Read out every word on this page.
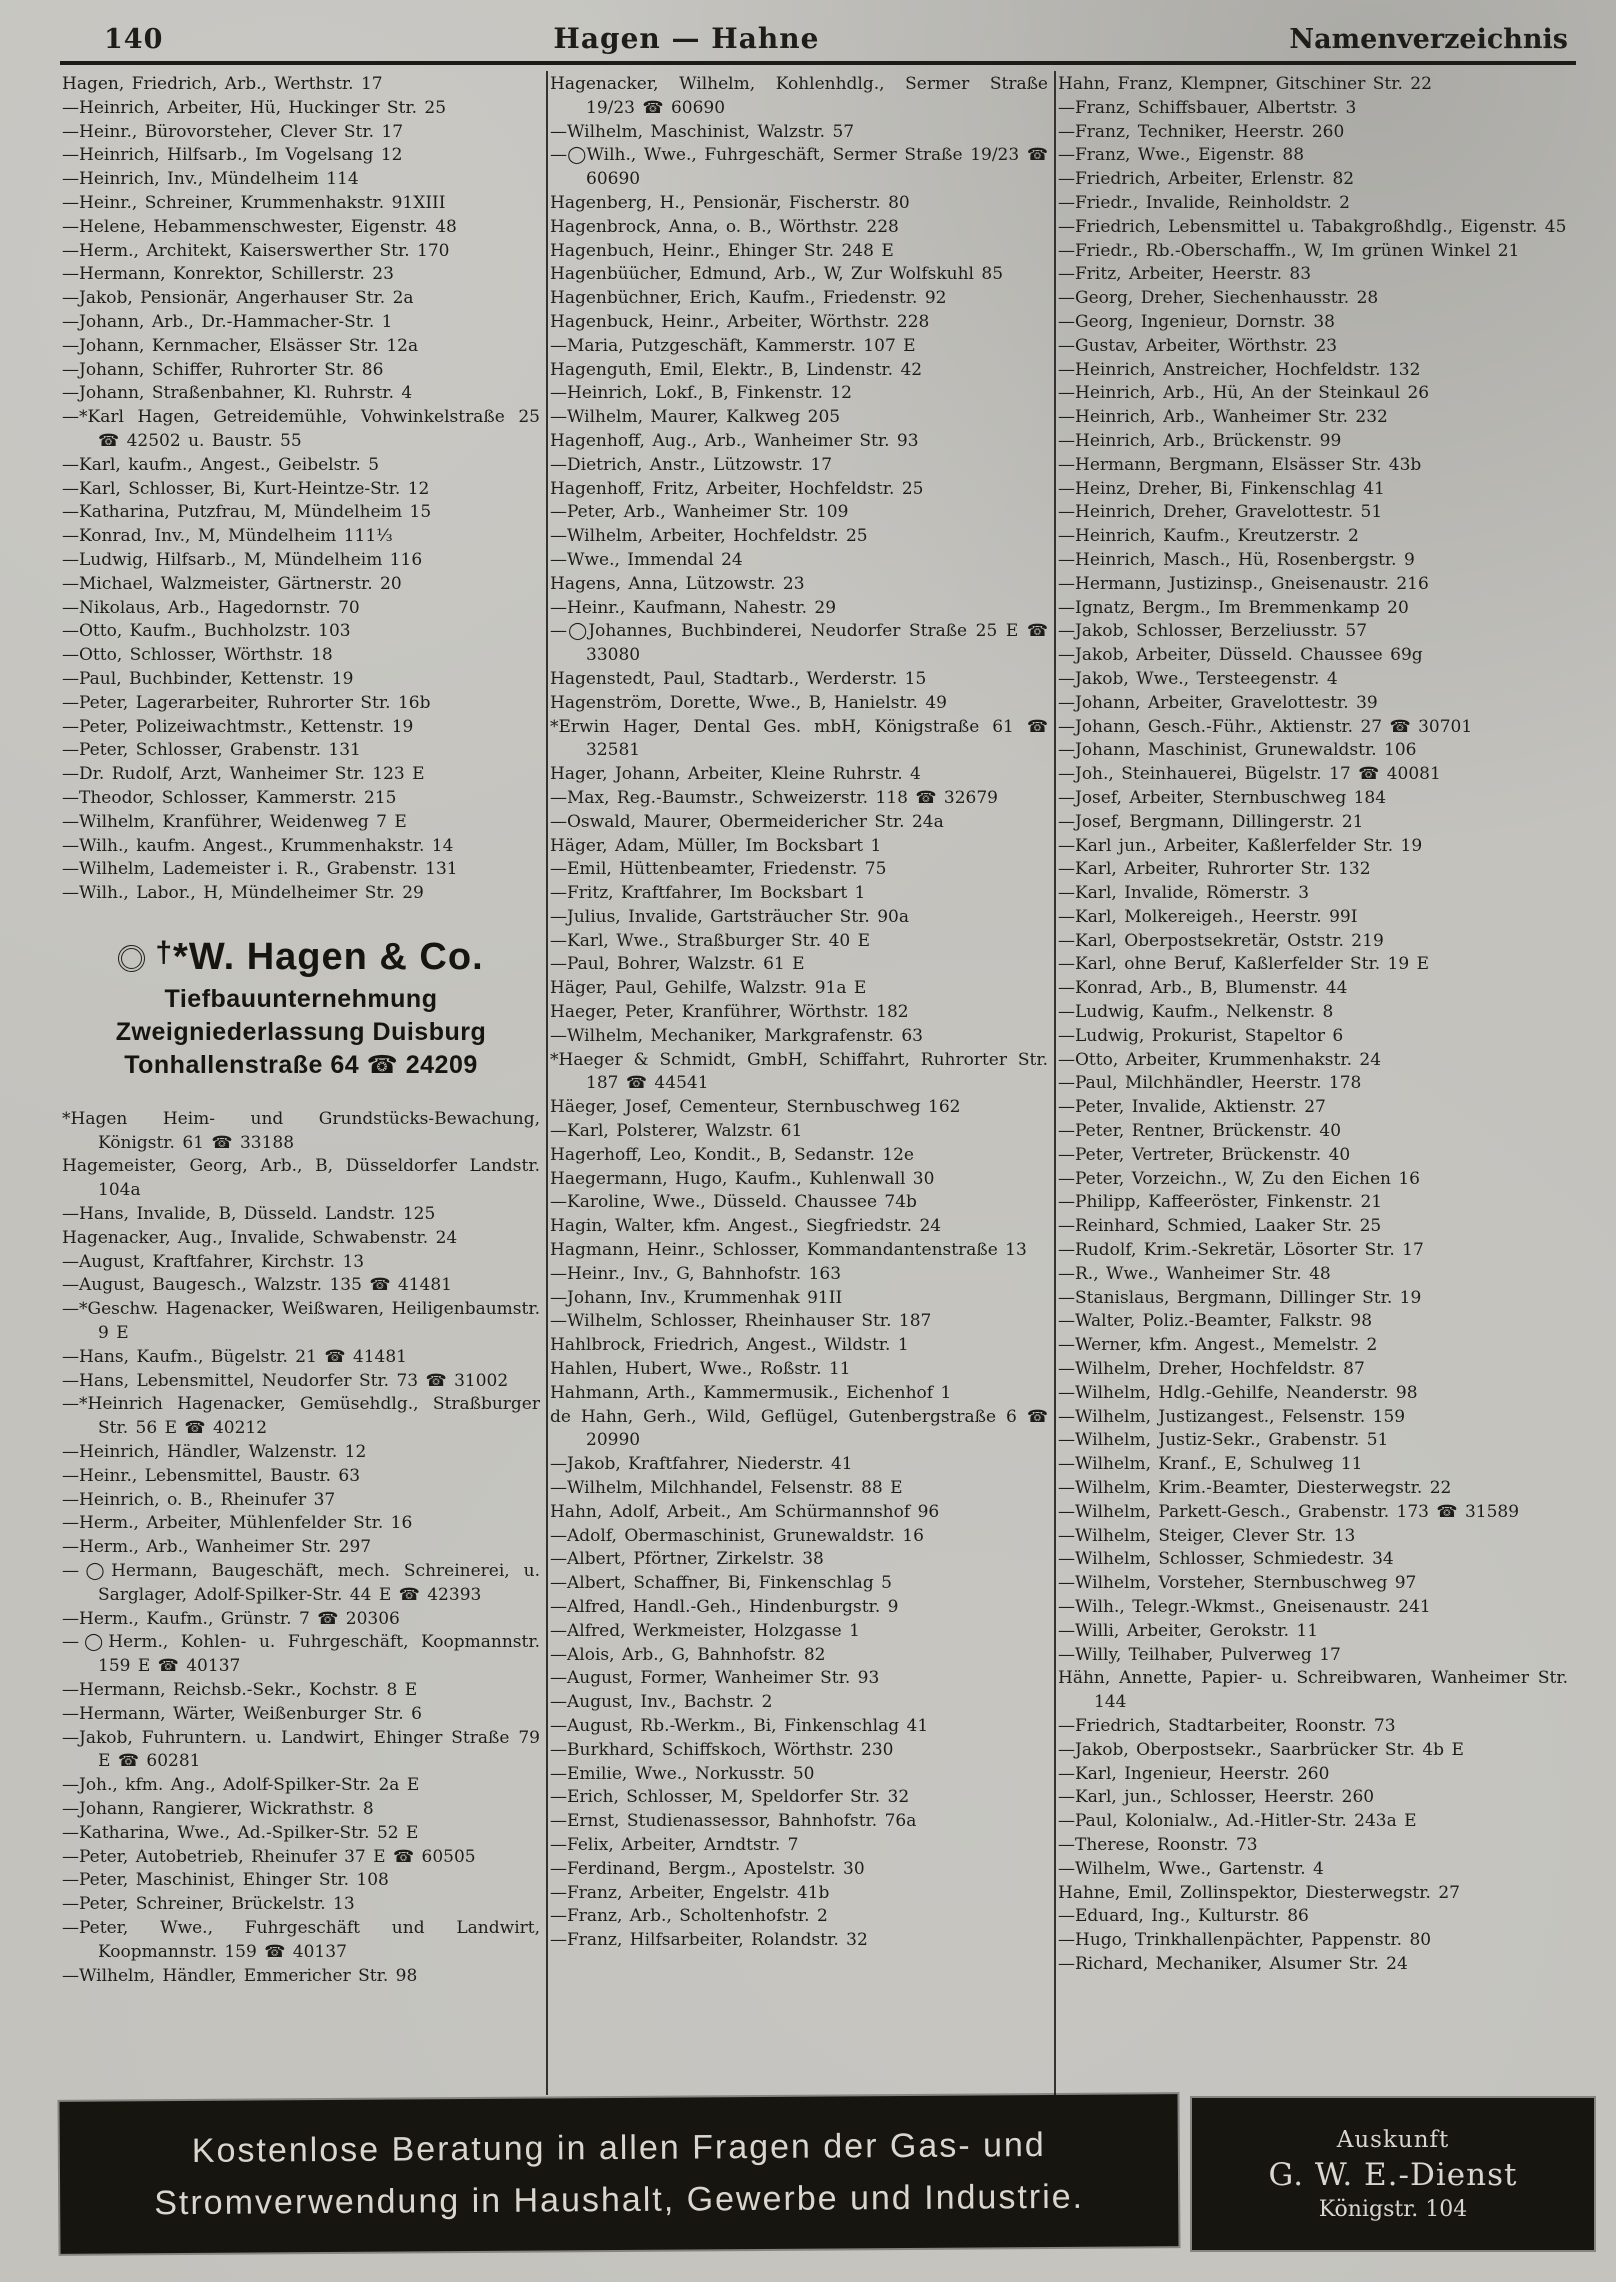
140	Hagen — Hahne	Namenverzeichnis

Hagen, Friedrich, Arb., Werthstr. 17

—Heinrich, Arbeiter, Hü, Huckinger Str. 25

—Heinr., Bürovorsteher, Clever Str. 17

—Heinrich, Hilfsarb., Im Vogelsang 12

—Heinrich, Inv., Mündelheim 114

—Heinr., Schreiner, Krummenhakstr. 91XIII

—Helene, Hebammenschwester, Eigenstr. 48

—Herm., Architekt, Kaiserswerther Str. 170

—Hermann, Konrektor, Schillerstr. 23

—Jakob, Pensionär, Angerhauser Str. 2a

—Johann, Arb., Dr.-Hammacher-Str. 1

—Johann, Kernmacher, Elsässer Str. 12a

—Johann, Schiffer, Ruhrorter Str. 86

—Johann, Straßenbahner, Kl. Ruhrstr. 4

—*Karl Hagen, Getreidemühle, Vohwinkelstraße 25 ☎ 42502 u. Baustr. 55

—Karl, kaufm., Angest., Geibelstr. 5

—Karl, Schlosser, Bi, Kurt-Heintze-Str. 12

—Katharina, Putzfrau, M, Mündelheim 15

—Konrad, Inv., M, Mündelheim 111⅓

—Ludwig, Hilfsarb., M, Mündelheim 116

—Michael, Walzmeister, Gärtnerstr. 20

—Nikolaus, Arb., Hagedornstr. 70

—Otto, Kaufm., Buchholzstr. 103

—Otto, Schlosser, Wörthstr. 18

—Paul, Buchbinder, Kettenstr. 19

—Peter, Lagerarbeiter, Ruhrorter Str. 16b

—Peter, Polizeiwachtmstr., Kettenstr. 19

—Peter, Schlosser, Grabenstr. 131

—Dr. Rudolf, Arzt, Wanheimer Str. 123 E

—Theodor, Schlosser, Kammerstr. 215

—Wilhelm, Kranführer, Weidenweg 7 E

—Wilh., kaufm. Angest., Krummenhakstr. 14

—Wilhelm, Lademeister i. R., Grabenstr. 131

—Wilh., Labor., H, Mündelheimer Str. 29

†*W. Hagen & Co.
Tiefbauunternehmung
Zweigniederlassung Duisburg
Tonhallenstraße 64 ☎ 24209

*Hagen Heim- und Grundstücks-Bewachung, Königstr. 61 ☎ 33188

Hagemeister, Georg, Arb., B, Düsseldorfer Landstr. 104a

—Hans, Invalide, B, Düsseld. Landstr. 125

Hagenacker, Aug., Invalide, Schwabenstr. 24

—August, Kraftfahrer, Kirchstr. 13

—August, Baugesch., Walzstr. 135 ☎ 41481

—*Geschw. Hagenacker, Weißwaren, Heiligenbaumstr. 9 E

—Hans, Kaufm., Bügelstr. 21 ☎ 41481

—Hans, Lebensmittel, Neudorfer Str. 73 ☎ 31002

—*Heinrich Hagenacker, Gemüsehdlg., Straßburger Str. 56 E ☎ 40212

—Heinrich, Händler, Walzenstr. 12

—Heinr., Lebensmittel, Baustr. 63

—Heinrich, o. B., Rheinufer 37

—Herm., Arbeiter, Mühlenfelder Str. 16

—Herm., Arb., Wanheimer Str. 297

—◯Hermann, Baugeschäft, mech. Schreinerei, u. Sarglager, Adolf-Spilker-Str. 44 E ☎ 42393

—Herm., Kaufm., Grünstr. 7 ☎ 20306

—◯Herm., Kohlen- u. Fuhrgeschäft, Koopmannstr. 159 E ☎ 40137

—Hermann, Reichsb.-Sekr., Kochstr. 8 E

—Hermann, Wärter, Weißenburger Str. 6

—Jakob, Fuhruntern. u. Landwirt, Ehinger Straße 79 E ☎ 60281

—Joh., kfm. Ang., Adolf-Spilker-Str. 2a E

—Johann, Rangierer, Wickrathstr. 8

—Katharina, Wwe., Ad.-Spilker-Str. 52 E

—Peter, Autobetrieb, Rheinufer 37 E ☎ 60505

—Peter, Maschinist, Ehinger Str. 108

—Peter, Schreiner, Brückelstr. 13

—Peter, Wwe., Fuhrgeschäft und Landwirt, Koopmannstr. 159 ☎ 40137

—Wilhelm, Händler, Emmericher Str. 98

Hagenacker, Wilhelm, Kohlenhdlg., Sermer Straße 19/23 ☎ 60690

—Wilhelm, Maschinist, Walzstr. 57

—◯Wilh., Wwe., Fuhrgeschäft, Sermer Straße 19/23 ☎ 60690

Hagenberg, H., Pensionär, Fischerstr. 80

Hagenbrock, Anna, o. B., Wörthstr. 228

Hagenbuch, Heinr., Ehinger Str. 248 E

Hagenbüücher, Edmund, Arb., W, Zur Wolfskuhl 85

Hagenbüchner, Erich, Kaufm., Friedenstr. 92

Hagenbuck, Heinr., Arbeiter, Wörthstr. 228

—Maria, Putzgeschäft, Kammerstr. 107 E

Hagenguth, Emil, Elektr., B, Lindenstr. 42

—Heinrich, Lokf., B, Finkenstr. 12

—Wilhelm, Maurer, Kalkweg 205

Hagenhoff, Aug., Arb., Wanheimer Str. 93

—Dietrich, Anstr., Lützowstr. 17

Hagenhoff, Fritz, Arbeiter, Hochfeldstr. 25

—Peter, Arb., Wanheimer Str. 109

—Wilhelm, Arbeiter, Hochfeldstr. 25

—Wwe., Immendal 24

Hagens, Anna, Lützowstr. 23

—Heinr., Kaufmann, Nahestr. 29

—◯Johannes, Buchbinderei, Neudorfer Straße 25 E ☎ 33080

Hagenstedt, Paul, Stadtarb., Werderstr. 15

Hagenström, Dorette, Wwe., B, Hanielstr. 49

*Erwin Hager, Dental Ges. mbH, Königstraße 61 ☎ 32581

Hager, Johann, Arbeiter, Kleine Ruhrstr. 4

—Max, Reg.-Baumstr., Schweizerstr. 118 ☎ 32679

—Oswald, Maurer, Obermeidericher Str. 24a

Häger, Adam, Müller, Im Bocksbart 1

—Emil, Hüttenbeamter, Friedenstr. 75

—Fritz, Kraftfahrer, Im Bocksbart 1

—Julius, Invalide, Gartsträucher Str. 90a

—Karl, Wwe., Straßburger Str. 40 E

—Paul, Bohrer, Walzstr. 61 E

Häger, Paul, Gehilfe, Walzstr. 91a E

Haeger, Peter, Kranführer, Wörthstr. 182

—Wilhelm, Mechaniker, Markgrafenstr. 63

*Haeger & Schmidt, GmbH, Schiffahrt, Ruhrorter Str. 187 ☎ 44541

Häeger, Josef, Cementeur, Sternbuschweg 162

—Karl, Polsterer, Walzstr. 61

Hagerhoff, Leo, Kondit., B, Sedanstr. 12e

Haegermann, Hugo, Kaufm., Kuhlenwall 30

—Karoline, Wwe., Düsseld. Chaussee 74b

Hagin, Walter, kfm. Angest., Siegfriedstr. 24

Hagmann, Heinr., Schlosser, Kommandantenstraße 13

—Heinr., Inv., G, Bahnhofstr. 163

—Johann, Inv., Krummenhak 91II

—Wilhelm, Schlosser, Rheinhauser Str. 187

Hahlbrock, Friedrich, Angest., Wildstr. 1

Hahlen, Hubert, Wwe., Roßstr. 11

Hahmann, Arth., Kammermusik., Eichenhof 1

de Hahn, Gerh., Wild, Geflügel, Gutenbergstraße 6 ☎ 20990

—Jakob, Kraftfahrer, Niederstr. 41

—Wilhelm, Milchhandel, Felsenstr. 88 E

Hahn, Adolf, Arbeit., Am Schürmannshof 96

—Adolf, Obermaschinist, Grunewaldstr. 16

—Albert, Pförtner, Zirkelstr. 38

—Albert, Schaffner, Bi, Finkenschlag 5

—Alfred, Handl.-Geh., Hindenburgstr. 9

—Alfred, Werkmeister, Holzgasse 1

—Alois, Arb., G, Bahnhofstr. 82

—August, Former, Wanheimer Str. 93

—August, Inv., Bachstr. 2

—August, Rb.-Werkm., Bi, Finkenschlag 41

—Burkhard, Schiffskoch, Wörthstr. 230

—Emilie, Wwe., Norkusstr. 50

—Erich, Schlosser, M, Speldorfer Str. 32

—Ernst, Studienassessor, Bahnhofstr. 76a

—Felix, Arbeiter, Arndtstr. 7

—Ferdinand, Bergm., Apostelstr. 30

—Franz, Arbeiter, Engelstr. 41b

—Franz, Arb., Scholtenhofstr. 2

—Franz, Hilfsarbeiter, Rolandstr. 32

Hahn, Franz, Klempner, Gitschiner Str. 22

—Franz, Schiffsbauer, Albertstr. 3

—Franz, Techniker, Heerstr. 260

—Franz, Wwe., Eigenstr. 88

—Friedrich, Arbeiter, Erlenstr. 82

—Friedr., Invalide, Reinholdstr. 2

—Friedrich, Lebensmittel u. Tabakgroßhdlg., Eigenstr. 45

—Friedr., Rb.-Oberschaffn., W, Im grünen Winkel 21

—Fritz, Arbeiter, Heerstr. 83

—Georg, Dreher, Siechenhausstr. 28

—Georg, Ingenieur, Dornstr. 38

—Gustav, Arbeiter, Wörthstr. 23

—Heinrich, Anstreicher, Hochfeldstr. 132

—Heinrich, Arb., Hü, An der Steinkaul 26

—Heinrich, Arb., Wanheimer Str. 232

—Heinrich, Arb., Brückenstr. 99

—Hermann, Bergmann, Elsässer Str. 43b

—Heinz, Dreher, Bi, Finkenschlag 41

—Heinrich, Dreher, Gravelottestr. 51

—Heinrich, Kaufm., Kreutzerstr. 2

—Heinrich, Masch., Hü, Rosenbergstr. 9

—Hermann, Justizinsp., Gneisenaustr. 216

—Ignatz, Bergm., Im Bremmenkamp 20

—Jakob, Schlosser, Berzeliusstr. 57

—Jakob, Arbeiter, Düsseld. Chaussee 69g

—Jakob, Wwe., Tersteegenstr. 4

—Johann, Arbeiter, Gravelottestr. 39

—Johann, Gesch.-Führ., Aktienstr. 27 ☎ 30701

—Johann, Maschinist, Grunewaldstr. 106

—Joh., Steinhauerei, Bügelstr. 17 ☎ 40081

—Josef, Arbeiter, Sternbuschweg 184

—Josef, Bergmann, Dillingerstr. 21

—Karl jun., Arbeiter, Kaßlerfelder Str. 19

—Karl, Arbeiter, Ruhrorter Str. 132

—Karl, Invalide, Römerstr. 3

—Karl, Molkereigeh., Heerstr. 99I

—Karl, Oberpostsekretär, Oststr. 219

—Karl, ohne Beruf, Kaßlerfelder Str. 19 E

—Konrad, Arb., B, Blumenstr. 44

—Ludwig, Kaufm., Nelkenstr. 8

—Ludwig, Prokurist, Stapeltor 6

—Otto, Arbeiter, Krummenhakstr. 24

—Paul, Milchhändler, Heerstr. 178

—Peter, Invalide, Aktienstr. 27

—Peter, Rentner, Brückenstr. 40

—Peter, Vertreter, Brückenstr. 40

—Peter, Vorzeichn., W, Zu den Eichen 16

—Philipp, Kaffeeröster, Finkenstr. 21

—Reinhard, Schmied, Laaker Str. 25

—Rudolf, Krim.-Sekretär, Lösorter Str. 17

—R., Wwe., Wanheimer Str. 48

—Stanislaus, Bergmann, Dillinger Str. 19

—Walter, Poliz.-Beamter, Falkstr. 98

—Werner, kfm. Angest., Memelstr. 2

—Wilhelm, Dreher, Hochfeldstr. 87

—Wilhelm, Hdlg.-Gehilfe, Neanderstr. 98

—Wilhelm, Justizangest., Felsenstr. 159

—Wilhelm, Justiz-Sekr., Grabenstr. 51

—Wilhelm, Kranf., E, Schulweg 11

—Wilhelm, Krim.-Beamter, Diesterwegstr. 22

—Wilhelm, Parkett-Gesch., Grabenstr. 173 ☎ 31589

—Wilhelm, Steiger, Clever Str. 13

—Wilhelm, Schlosser, Schmiedestr. 34

—Wilhelm, Vorsteher, Sternbuschweg 97

—Wilh., Telegr.-Wkmst., Gneisenaustr. 241

—Willi, Arbeiter, Gerokstr. 11

—Willy, Teilhaber, Pulverweg 17

Hähn, Annette, Papier- u. Schreibwaren, Wanheimer Str. 144

—Friedrich, Stadtarbeiter, Roonstr. 73

—Jakob, Oberpostsekr., Saarbrücker Str. 4b E

—Karl, Ingenieur, Heerstr. 260

—Karl, jun., Schlosser, Heerstr. 260

—Paul, Kolonialw., Ad.-Hitler-Str. 243a E

—Therese, Roonstr. 73

—Wilhelm, Wwe., Gartenstr. 4

Hahne, Emil, Zollinspektor, Diesterwegstr. 27

—Eduard, Ing., Kulturstr. 86

—Hugo, Trinkhallenpächter, Pappenstr. 80

—Richard, Mechaniker, Alsumer Str. 24

Kostenlose Beratung in allen Fragen der Gas- und
Stromverwendung in Haushalt, Gewerbe und Industrie.
Auskunft
G. W. E.-Dienst
Königstr. 104
